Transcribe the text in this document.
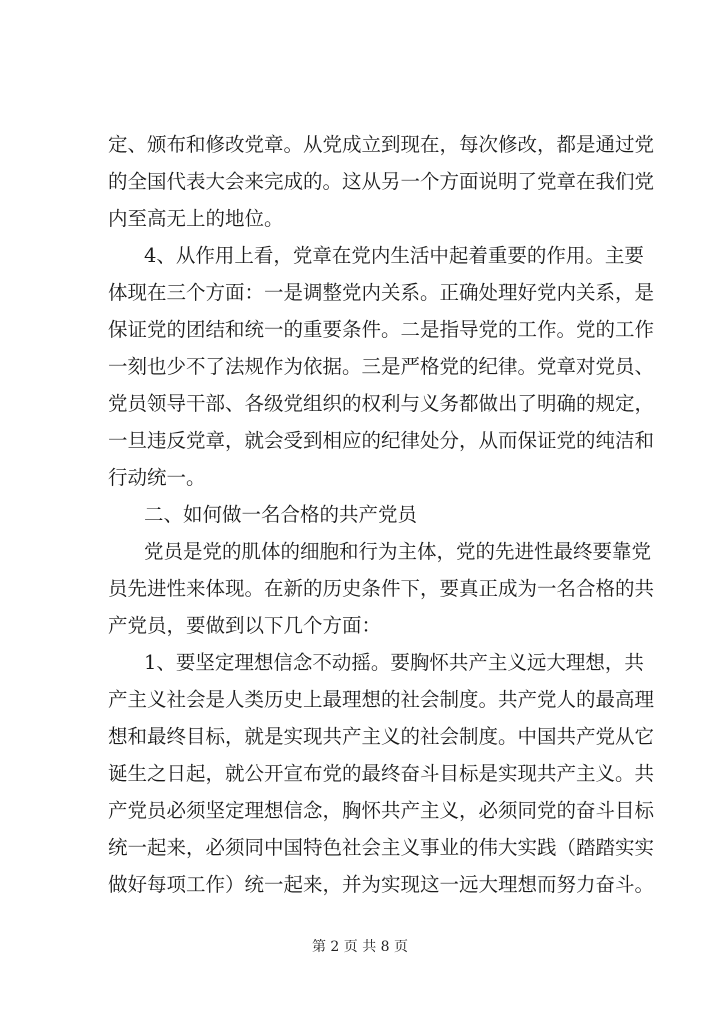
定、颁布和修改党章。从党成立到现在，每次修改，都是通过党
的全国代表大会来完成的。这从另一个方面说明了党章在我们党
内至高无上的地位。
4、从作用上看，党章在党内生活中起着重要的作用。主要
体现在三个方面：一是调整党内关系。正确处理好党内关系，是
保证党的团结和统一的重要条件。二是指导党的工作。党的工作
一刻也少不了法规作为依据。三是严格党的纪律。党章对党员、
党员领导干部、各级党组织的权利与义务都做出了明确的规定，
一旦违反党章，就会受到相应的纪律处分，从而保证党的纯洁和
行动统一。
二、如何做一名合格的共产党员
党员是党的肌体的细胞和行为主体，党的先进性最终要靠党
员先进性来体现。在新的历史条件下，要真正成为一名合格的共
产党员，要做到以下几个方面：
1、要坚定理想信念不动摇。要胸怀共产主义远大理想，共
产主义社会是人类历史上最理想的社会制度。共产党人的最高理
想和最终目标，就是实现共产主义的社会制度。中国共产党从它
诞生之日起，就公开宣布党的最终奋斗目标是实现共产主义。共
产党员必须坚定理想信念，胸怀共产主义，必须同党的奋斗目标
统一起来，必须同中国特色社会主义事业的伟大实践（踏踏实实
做好每项工作）统一起来，并为实现这一远大理想而努力奋斗。
第 2 页 共 8 页
